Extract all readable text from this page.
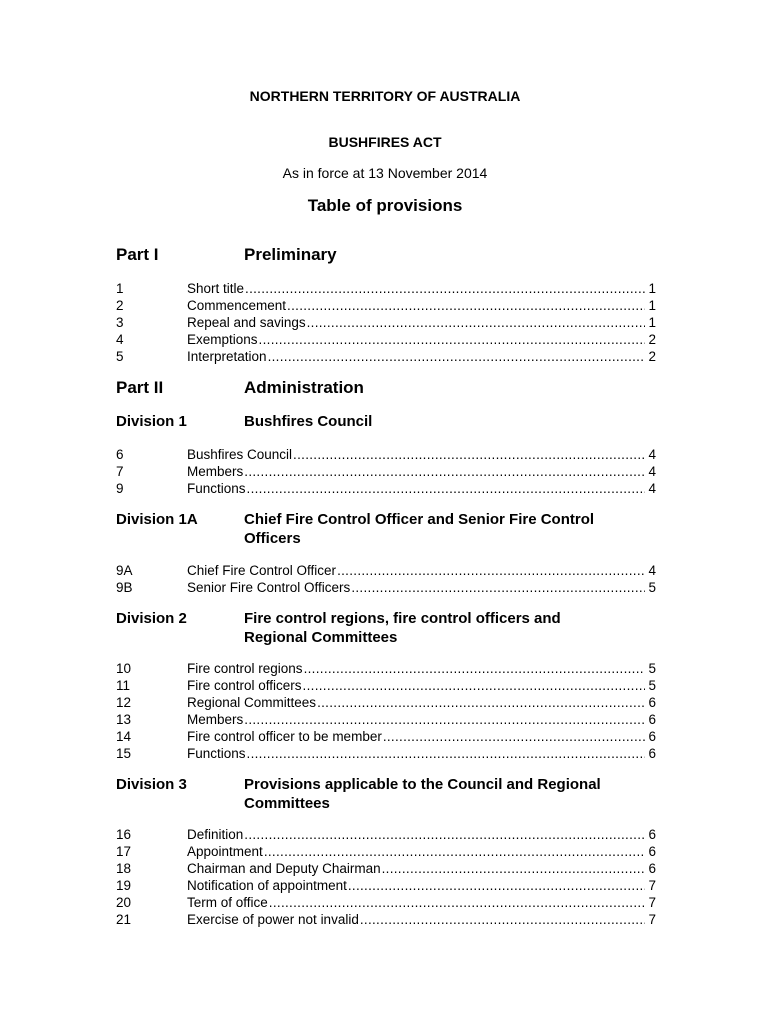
NORTHERN TERRITORY OF AUSTRALIA
BUSHFIRES ACT
As in force at 13 November 2014
Table of provisions
Part I	Preliminary
1	Short title .....	1
2	Commencement .....	1
3	Repeal and savings .....	1
4	Exemptions .....	2
5	Interpretation .....	2
Part II	Administration
Division 1	Bushfires Council
6	Bushfires Council .....	4
7	Members .....	4
9	Functions .....	4
Division 1A	Chief Fire Control Officer and Senior Fire Control Officers
9A	Chief Fire Control Officer .....	4
9B	Senior Fire Control Officers .....	5
Division 2	Fire control regions, fire control officers and Regional Committees
10	Fire control regions .....	5
11	Fire control officers .....	5
12	Regional Committees .....	6
13	Members .....	6
14	Fire control officer to be member .....	6
15	Functions .....	6
Division 3	Provisions applicable to the Council and Regional Committees
16	Definition .....	6
17	Appointment .....	6
18	Chairman and Deputy Chairman .....	6
19	Notification of appointment .....	7
20	Term of office .....	7
21	Exercise of power not invalid .....	7
